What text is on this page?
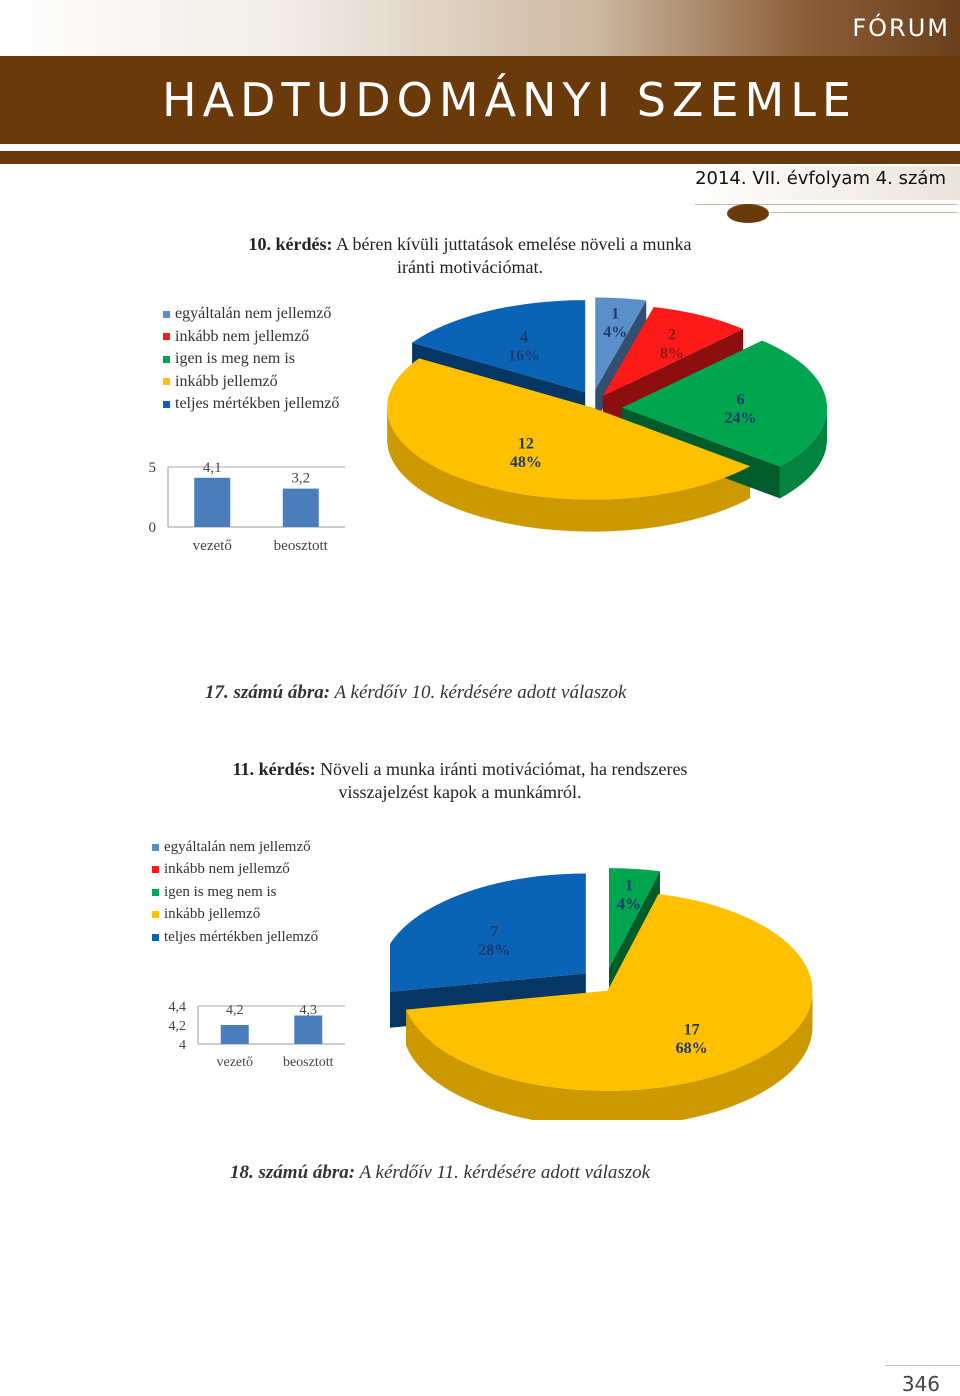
FÓRUM
HADTUDOMÁNYI SZEMLE
2014. VII. évfolyam 4. szám
10. kérdés: A béren kívüli juttatások emelése növeli a munka
iránti motivációmat.
egyáltalán nem jellemző
inkább nem jellemző
igen is meg nem is
inkább jellemző
teljes mértékben jellemző
1
4%	2
8%
6
24%
12
48%
4
16%
0
5	4,1
vezető
3,2
beosztott
17. számú ábra: A kérdőív 10. kérdésére adott válaszok
11. kérdés: Növeli a munka iránti motivációmat, ha rendszeres
visszajelzést kapok a munkámról.
egyáltalán nem jellemző
inkább nem jellemző
igen is meg nem is
inkább jellemző
teljes mértékben jellemző
1
4%
17
68%
7
28%
4
4,2
4,4	4,2
vezető
4,3
beosztott
18. számú ábra: A kérdőív 11. kérdésére adott válaszok
346
